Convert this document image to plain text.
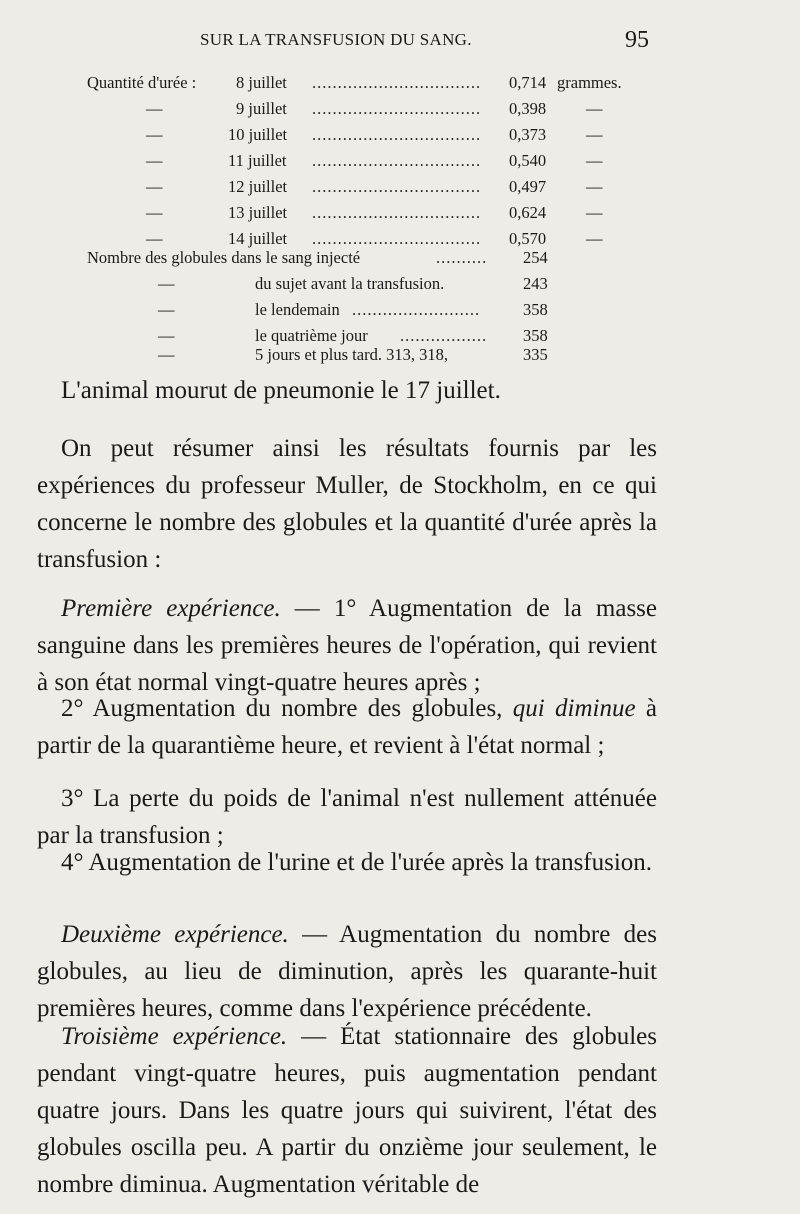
SUR LA TRANSFUSION DU SANG.	95
Quantité d'urée : 8 juillet .................................	0,714 grammes.
—	9 juillet .................................	0,398 —
—	10 juillet .................................	0,373 —
—	11 juillet .................................	0,540 —
—	12 juillet .................................	0,497 —
—	13 juillet .................................	0,624 —
—	14 juillet .................................	0,570 —
Nombre des globules dans le sang injecté	..........	254
—	du sujet avant la transfusion.	243
—	le lendemain .........................	358
—	le quatrième jour .................	358
—	5 jours et plus tard. 313, 318,	335
L'animal mourut de pneumonie le 17 juillet.
On peut résumer ainsi les résultats fournis par les expériences du professeur Muller, de Stockholm, en ce qui concerne le nombre des globules et la quantité d'urée après la transfusion :
Première expérience. — 1° Augmentation de la masse sanguine dans les premières heures de l'opération, qui revient à son état normal vingt-quatre heures après ;
2° Augmentation du nombre des globules, qui diminue à partir de la quarantième heure, et revient à l'état normal ;
3° La perte du poids de l'animal n'est nullement atténuée par la transfusion ;
4° Augmentation de l'urine et de l'urée après la transfusion.
Deuxième expérience. — Augmentation du nombre des globules, au lieu de diminution, après les quarante-huit premières heures, comme dans l'expérience précédente.
Troisième expérience. — État stationnaire des globules pendant vingt-quatre heures, puis augmentation pendant quatre jours. Dans les quatre jours qui suivirent, l'état des globules oscilla peu. A partir du onzième jour seulement, le nombre diminua. Augmentation véritable de
